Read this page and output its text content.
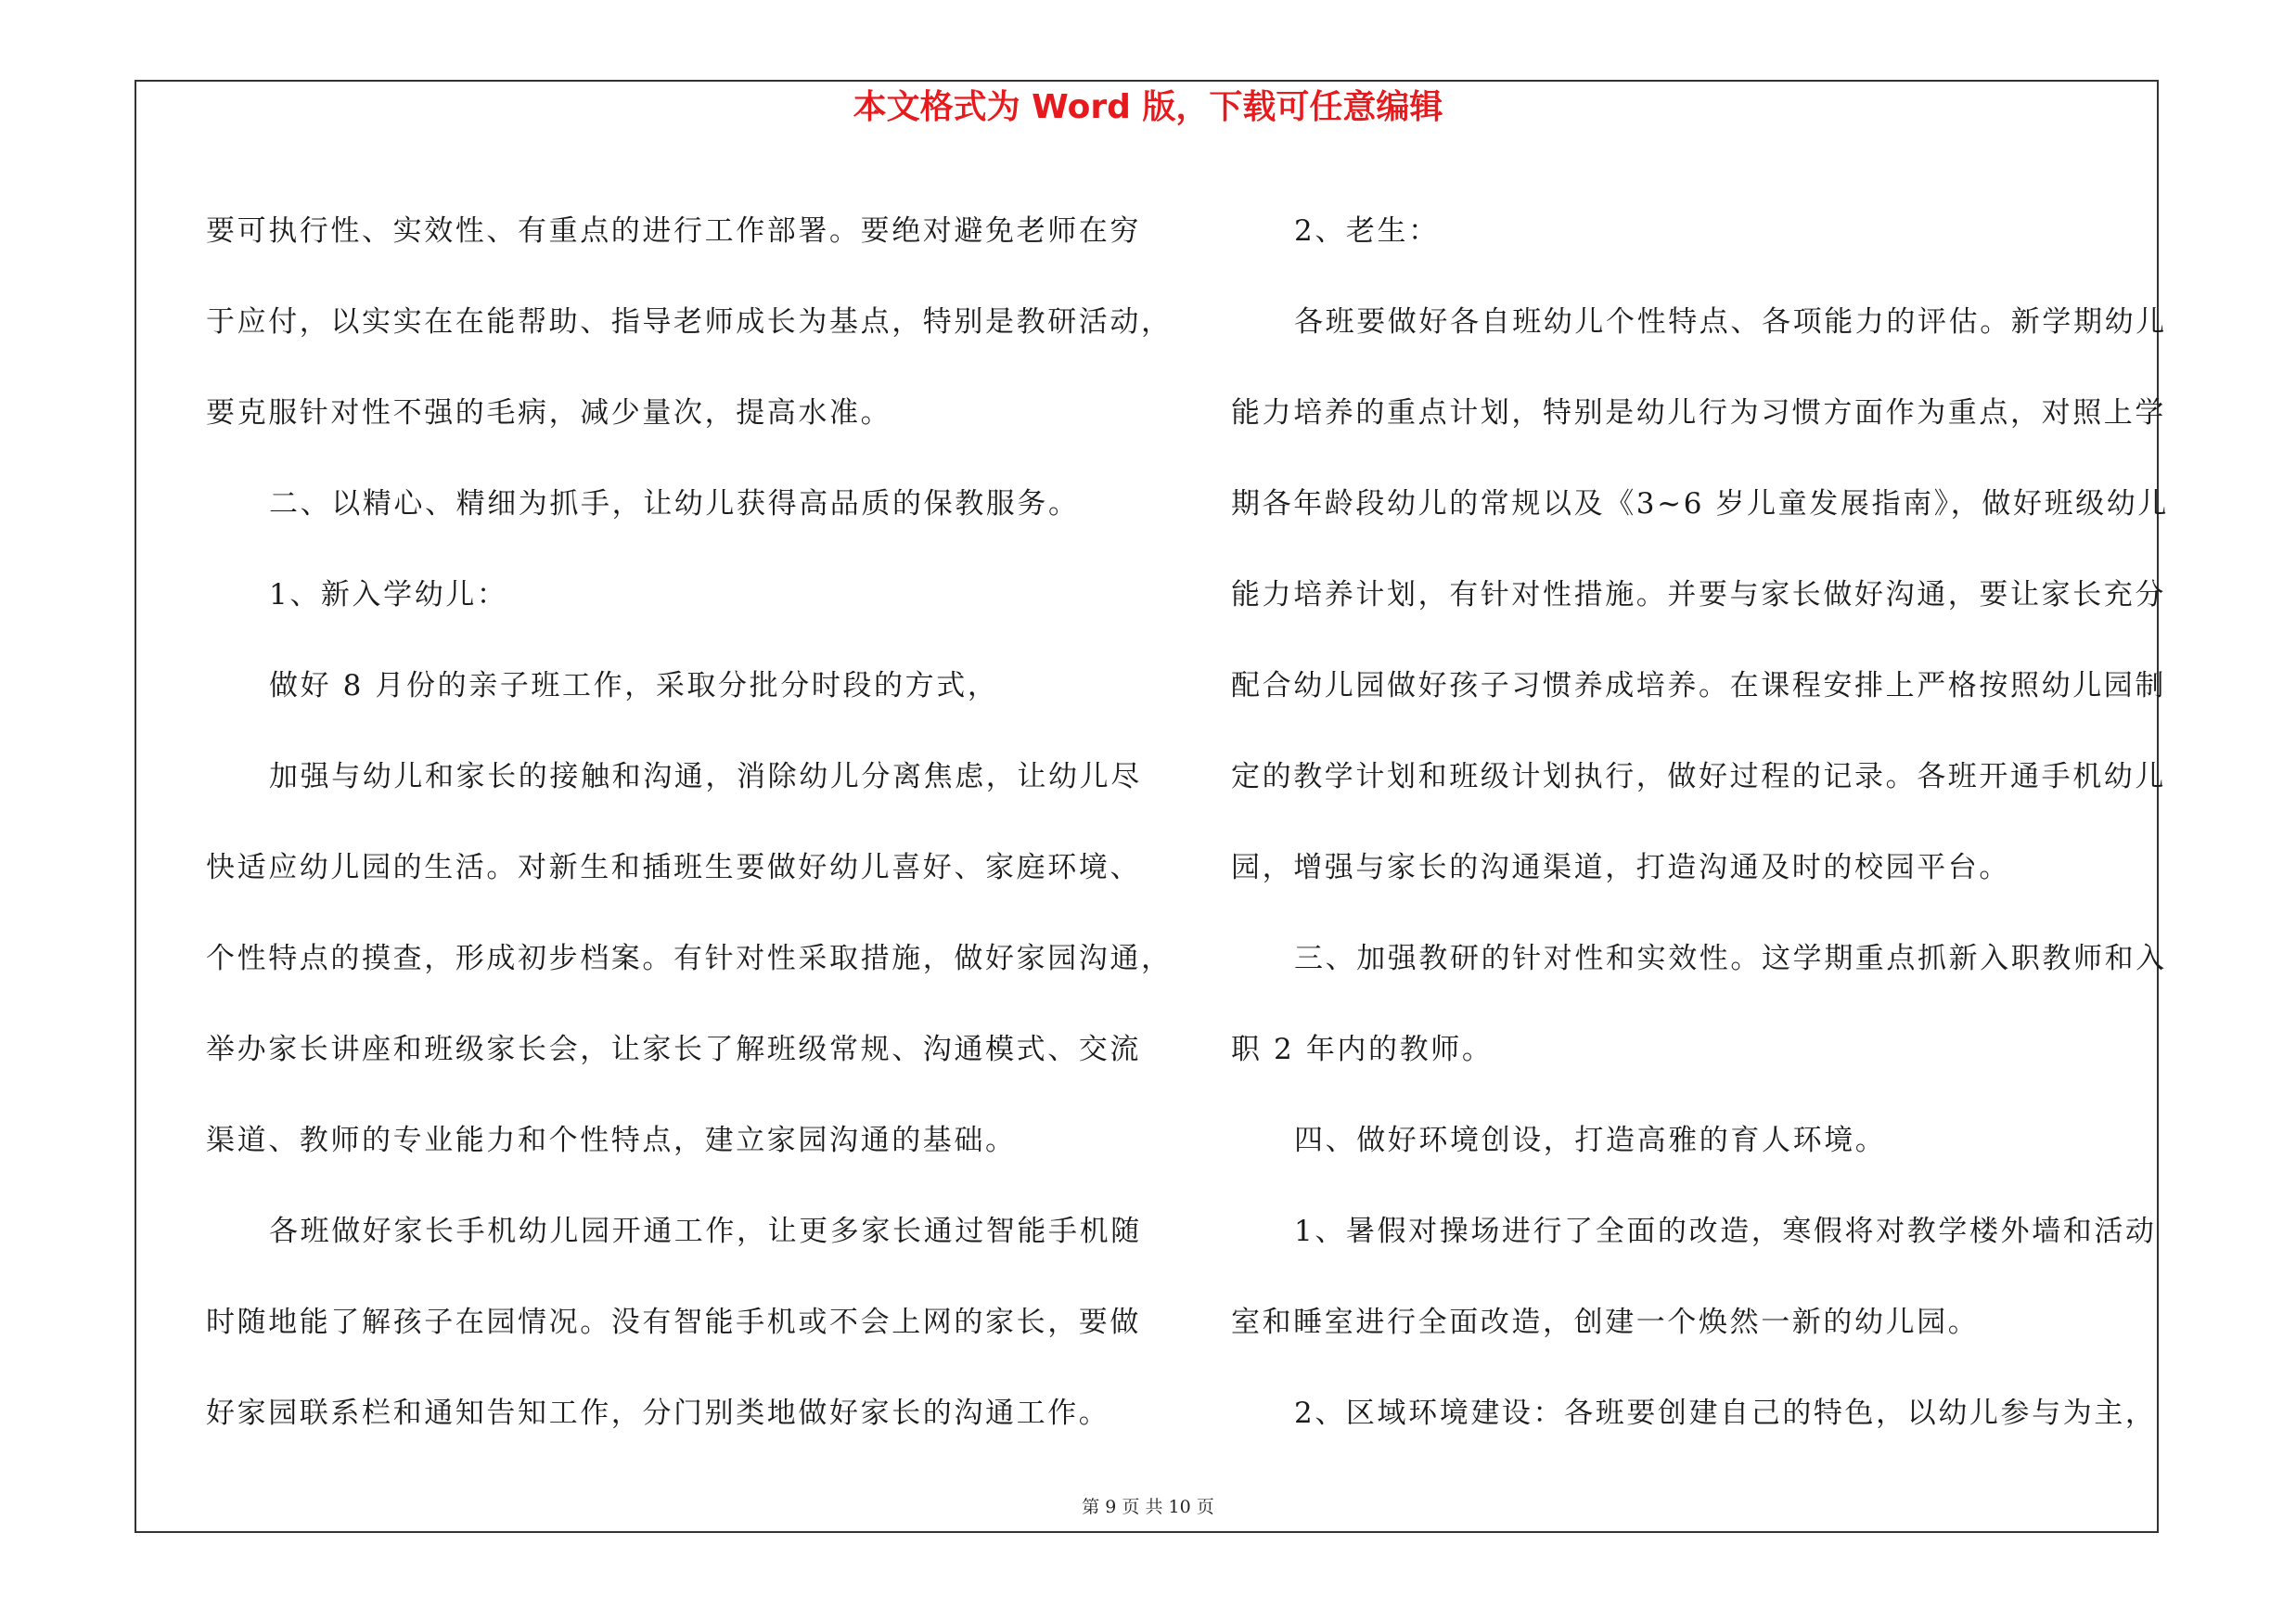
本文格式为 Word 版，下载可任意编辑

要可执行性、实效性、有重点的进行工作部署。要绝对避免老师在穷
于应付，以实实在在能帮助、指导老师成长为基点，特别是教研活动，
要克服针对性不强的毛病，减少量次，提高水准。

二、以精心、精细为抓手，让幼儿获得高品质的保教服务。

1、新入学幼儿：

做好 8 月份的亲子班工作，采取分批分时段的方式，

加强与幼儿和家长的接触和沟通，消除幼儿分离焦虑，让幼儿尽

快适应幼儿园的生活。对新生和插班生要做好幼儿喜好、家庭环境、
个性特点的摸查，形成初步档案。有针对性采取措施，做好家园沟通，
举办家长讲座和班级家长会，让家长了解班级常规、沟通模式、交流
渠道、教师的专业能力和个性特点，建立家园沟通的基础。

各班做好家长手机幼儿园开通工作，让更多家长通过智能手机随

时随地能了解孩子在园情况。没有智能手机或不会上网的家长，要做
好家园联系栏和通知告知工作，分门别类地做好家长的沟通工作。

2、老生：

各班要做好各自班幼儿个性特点、各项能力的评估。新学期幼儿

能力培养的重点计划，特别是幼儿行为习惯方面作为重点，对照上学
期各年龄段幼儿的常规以及《3~6 岁儿童发展指南》，做好班级幼儿
能力培养计划，有针对性措施。并要与家长做好沟通，要让家长充分
配合幼儿园做好孩子习惯养成培养。在课程安排上严格按照幼儿园制
定的教学计划和班级计划执行，做好过程的记录。各班开通手机幼儿
园，增强与家长的沟通渠道，打造沟通及时的校园平台。

三、加强教研的针对性和实效性。这学期重点抓新入职教师和入

职 2 年内的教师。

四、做好环境创设，打造高雅的育人环境。

1、暑假对操场进行了全面的改造，寒假将对教学楼外墙和活动

室和睡室进行全面改造，创建一个焕然一新的幼儿园。

2、区域环境建设：各班要创建自己的特色，以幼儿参与为主，

第 9 页 共 10 页
